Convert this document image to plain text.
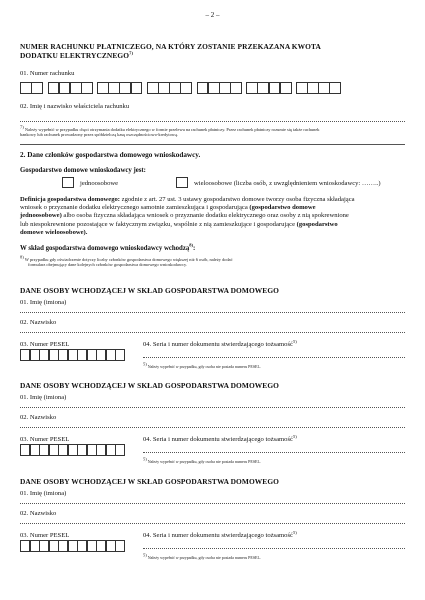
– 2 –
NUMER RACHUNKU PŁATNICZEGO, NA KTÓRY ZOSTANIE PRZEKAZANA KWOTA
DODATKU ELEKTRYCZNEGO$^{7)}$
01. Numer rachunku
02. Imię i nazwisko właściciela rachunku
$^{7)}$ Należy wypełnić w przypadku chęci otrzymania dodatku elektrycznego w formie przelewu na rachunek płatniczy. Przez rachunek płatniczy rozumie się także rachunek
bankowy lub rachunek prowadzony przez spółdzielczą kasę oszczędnościowo-kredytową.
2. Dane członków gospodarstwa domowego wnioskodawcy.
Gospodarstwo domowe wnioskodawcy jest:
jednoosobowe	wieloosobowe (liczba osób, z uwzględnieniem wnioskodawcy: ……..)
Definicja gospodarstwa domowego: zgodnie z art. 27 ust. 3 ustawy gospodarstwo domowe tworzy osoba fizyczna składająca
wniosek o przyznanie dodatku elektrycznego samotnie zamieszkująca i gospodarująca (gospodarstwo domowe
jednoosobowe) albo osoba fizyczna składająca wniosek o przyznanie dodatku elektrycznego oraz osoby z nią spokrewnione
lub niespokrewnione pozostające w faktycznym związku, wspólnie z nią zamieszkujące i gospodarujące (gospodarstwo
domowe wieloosobowe).
W skład gospodarstwa domowego wnioskodawcy wchodzą$^{8)}$:
$^{8)}$ W przypadku gdy oświadczenie dotyczy liczby członków gospodarstwa domowego większej niż 6 osób, należy dodać
formularz obejmujący dane kolejnych członków gospodarstwa domowego wnioskodawcy.
DANE OSOBY WCHODZĄCEJ W SKŁAD GOSPODARSTWA DOMOWEGO
01. Imię (imiona)
02. Nazwisko
03. Numer PESEL	04. Seria i numer dokumentu stwierdzającego tożsamość$^{5)}$
$^{5)}$ Należy wypełnić w przypadku, gdy osoba nie posiada numeru PESEL.
DANE OSOBY WCHODZĄCEJ W SKŁAD GOSPODARSTWA DOMOWEGO
01. Imię (imiona)
02. Nazwisko
03. Numer PESEL	04. Seria i numer dokumentu stwierdzającego tożsamość$^{5)}$
$^{5)}$ Należy wypełnić w przypadku, gdy osoba nie posiada numeru PESEL.
DANE OSOBY WCHODZĄCEJ W SKŁAD GOSPODARSTWA DOMOWEGO
01. Imię (imiona)
02. Nazwisko
03. Numer PESEL	04. Seria i numer dokumentu stwierdzającego tożsamość$^{5)}$
$^{5)}$ Należy wypełnić w przypadku, gdy osoba nie posiada numeru PESEL.
